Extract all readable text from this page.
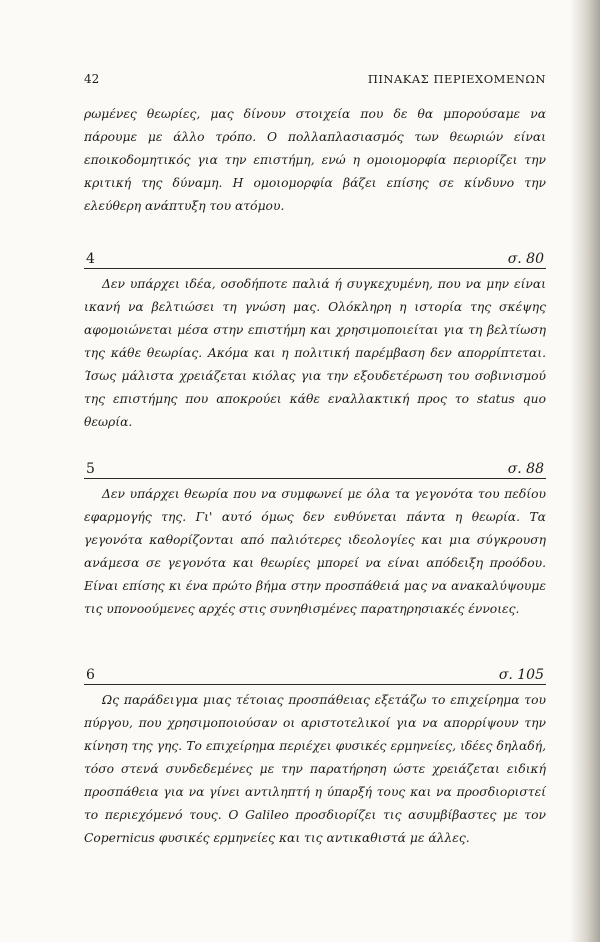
42	ΠΙΝΑΚΑΣ ΠΕΡΙΕΧΟΜΕΝΩΝ

ρωμένες θεωρίες, μας δίνουν στοιχεία που δε θα μπορούσαμε να πάρουμε με άλλο τρόπο. Ο πολλαπλασιασμός των θεωριών είναι εποικοδομητικός για την επιστήμη, ενώ η ομοιομορφία περιορίζει την κριτική της δύναμη. Η ομοιομορφία βάζει επίσης σε κίνδυνο την ελεύθερη ανάπτυξη του ατόμου.

4	σ. 80

Δεν υπάρχει ιδέα, οσοδήποτε παλιά ή συγκεχυμένη, που να μην είναι ικανή να βελτιώσει τη γνώση μας. Ολόκληρη η ιστορία της σκέψης αφομοιώνεται μέσα στην επιστήμη και χρησιμοποιείται για τη βελτίωση της κάθε θεωρίας. Ακόμα και η πολιτική παρέμβαση δεν απορρίπτεται. Ίσως μάλιστα χρειάζεται κιόλας για την εξουδετέρωση του σοβινισμού της επιστήμης που αποκρούει κάθε εναλλακτική προς το status quo θεωρία.

5	σ. 88

Δεν υπάρχει θεωρία που να συμφωνεί με όλα τα γεγονότα του πεδίου εφαρμογής της. Γι' αυτό όμως δεν ευθύνεται πάντα η θεωρία. Τα γεγονότα καθορίζονται από παλιότερες ιδεολογίες και μια σύγκρουση ανάμεσα σε γεγονότα και θεωρίες μπορεί να είναι απόδειξη προόδου. Είναι επίσης κι ένα πρώτο βήμα στην προσπάθειά μας να ανακαλύψουμε τις υπονοούμενες αρχές στις συνηθισμένες παρατηρησιακές έννοιες.

6	σ. 105

Ως παράδειγμα μιας τέτοιας προσπάθειας εξετάζω το επιχείρημα του πύργου, που χρησιμοποιούσαν οι αριστοτελικοί για να απορρίψουν την κίνηση της γης. Το επιχείρημα περιέχει φυσικές ερμηνείες, ιδέες δηλαδή, τόσο στενά συνδεδεμένες με την παρατήρηση ώστε χρειάζεται ειδική προσπάθεια για να γίνει αντιληπτή η ύπαρξή τους και να προσδιοριστεί το περιεχόμενό τους. Ο Galileo προσδιορίζει τις ασυμβίβαστες με τον Copernicus φυσικές ερμηνείες και τις αντικαθιστά με άλλες.
